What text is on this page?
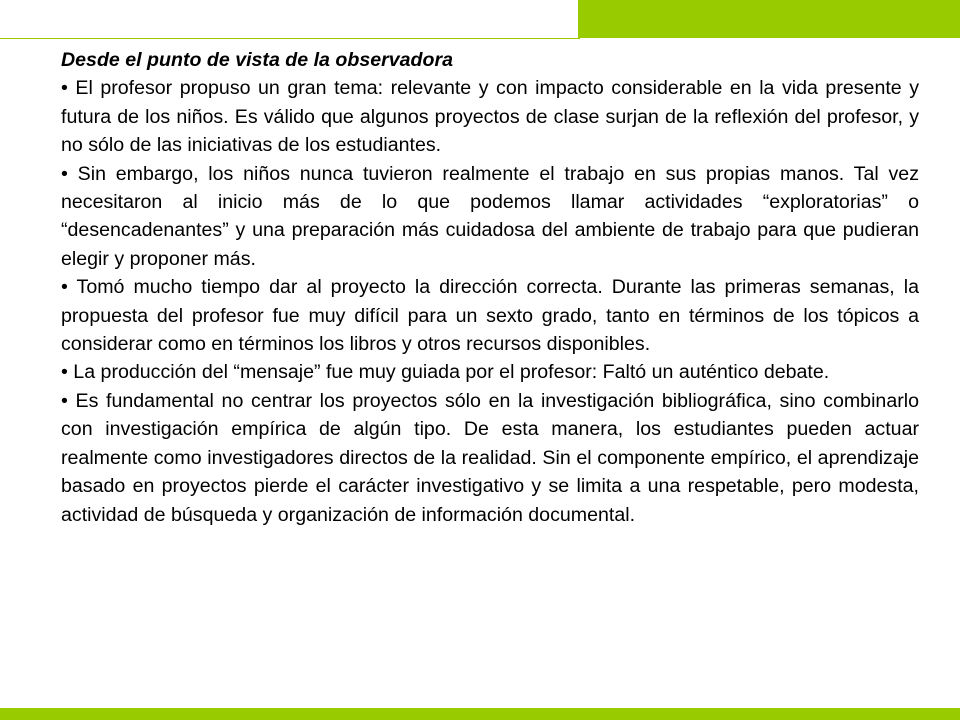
Desde el punto de vista de la observadora

• El profesor propuso un gran tema: relevante y con impacto considerable en la vida presente y futura de los niños. Es válido que algunos proyectos de clase surjan de la reflexión del profesor, y no sólo de las iniciativas de los estudiantes.

• Sin embargo, los niños nunca tuvieron realmente el trabajo en sus propias manos. Tal vez necesitaron al inicio más de lo que podemos llamar actividades “exploratorias” o “desencadenantes” y una preparación más cuidadosa del ambiente de trabajo para que pudieran elegir y proponer más.

• Tomó mucho tiempo dar al proyecto la dirección correcta. Durante las primeras semanas, la propuesta del profesor fue muy difícil para un sexto grado, tanto en términos de los tópicos a considerar como en términos los libros y otros recursos disponibles.

• La producción del “mensaje” fue muy guiada por el profesor: Faltó un auténtico debate.

• Es fundamental no centrar los proyectos sólo en la investigación bibliográfica, sino combinarlo con investigación empírica de algún tipo. De esta manera, los estudiantes pueden actuar realmente como investigadores directos de la realidad. Sin el componente empírico, el aprendizaje basado en proyectos pierde el carácter investigativo y se limita a una respetable, pero modesta, actividad de búsqueda y organización de información documental.
